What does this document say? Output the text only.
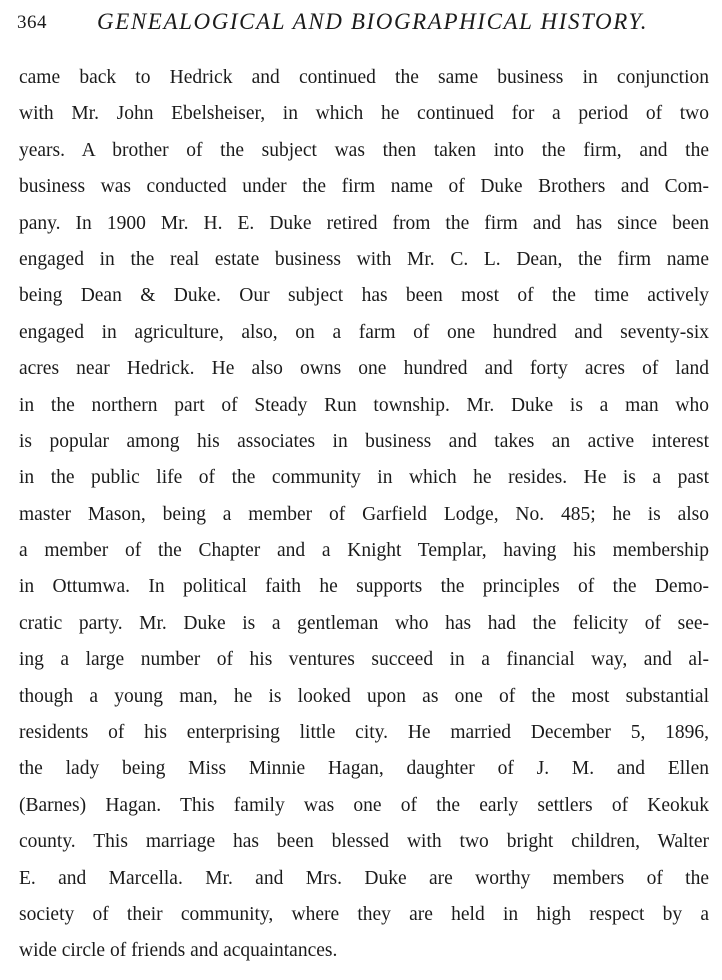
364 GENEALOGICAL AND BIOGRAPHICAL HISTORY.
came back to Hedrick and continued the same business in conjunction
with Mr. John Ebelsheiser, in which he continued for a period of two
years. A brother of the subject was then taken into the firm, and the
business was conducted under the firm name of Duke Brothers and Com-
pany. In 1900 Mr. H. E. Duke retired from the firm and has since been
engaged in the real estate business with Mr. C. L. Dean, the firm name
being Dean & Duke. Our subject has been most of the time actively
engaged in agriculture, also, on a farm of one hundred and seventy-six
acres near Hedrick. He also owns one hundred and forty acres of land
in the northern part of Steady Run township. Mr. Duke is a man who
is popular among his associates in business and takes an active interest
in the public life of the community in which he resides. He is a past
master Mason, being a member of Garfield Lodge, No. 485; he is also
a member of the Chapter and a Knight Templar, having his membership
in Ottumwa. In political faith he supports the principles of the Demo-
cratic party. Mr. Duke is a gentleman who has had the felicity of see-
ing a large number of his ventures succeed in a financial way, and al-
though a young man, he is looked upon as one of the most substantial
residents of his enterprising little city. He married December 5, 1896,
the lady being Miss Minnie Hagan, daughter of J. M. and Ellen
(Barnes) Hagan. This family was one of the early settlers of Keokuk
county. This marriage has been blessed with two bright children, Walter
E. and Marcella. Mr. and Mrs. Duke are worthy members of the
society of their community, where they are held in high respect by a
wide circle of friends and acquaintances.
